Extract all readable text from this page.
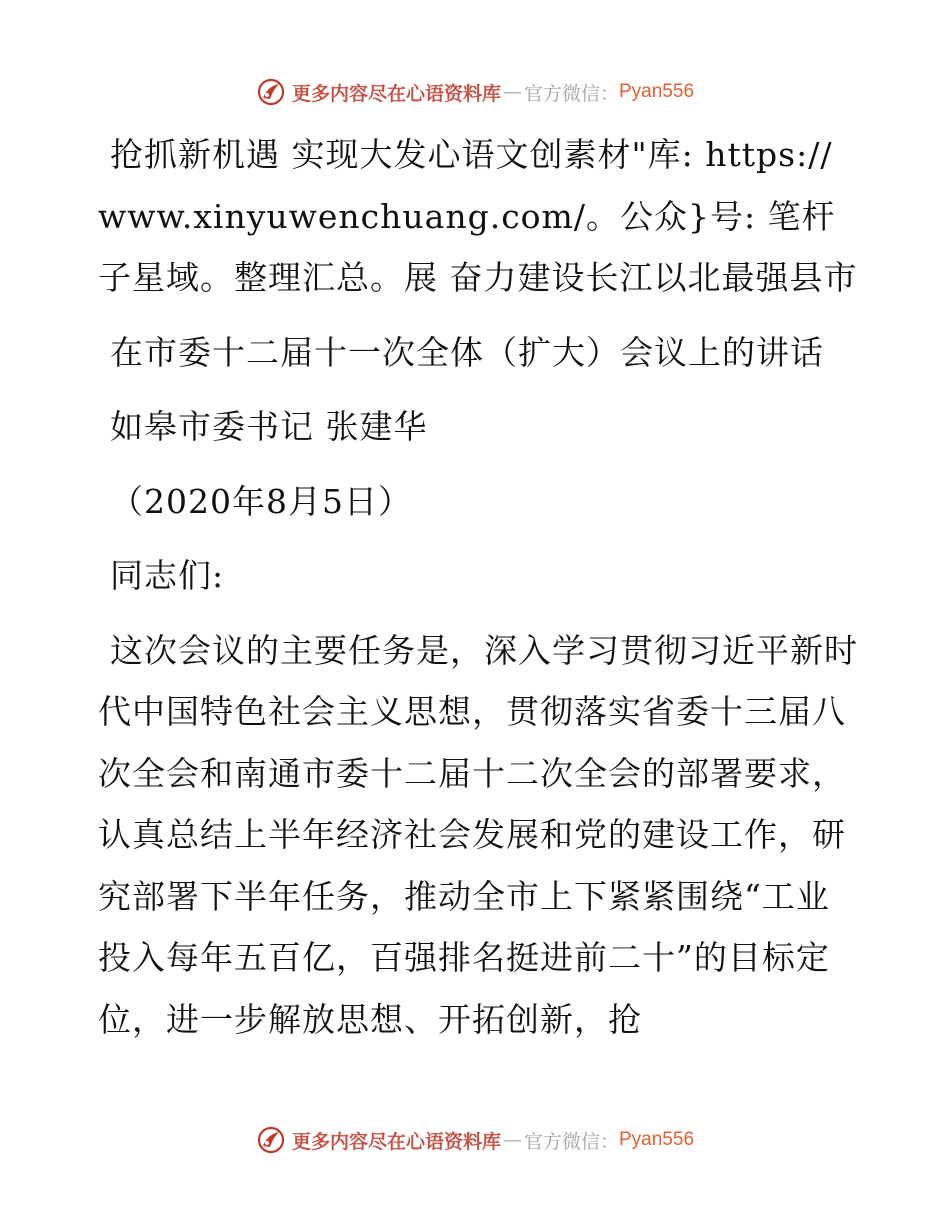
更多内容尽在心语资料库 — 官方微信： Pyan556

抢抓新机遇 实现大发心语文创素材"库: https://www.xinyuwenchuang.com/。公众}号: 笔杆子星域。整理汇总。展 奋力建设长江以北最强县市

在市委十二届十一次全体（扩大）会议上的讲话

如皋市委书记 张建华

（2020年8月5日）

同志们:

这次会议的主要任务是，深入学习贯彻习近平新时代中国特色社会主义思想，贯彻落实省委十三届八次全会和南通市委十二届十二次全会的部署要求，认真总结上半年经济社会发展和党的建设工作，研究部署下半年任务，推动全市上下紧紧围绕“工业投入每年五百亿，百强排名挺进前二十”的目标定位，进一步解放思想、开拓创新，抢

更多内容尽在心语资料库 — 官方微信： Pyan556
